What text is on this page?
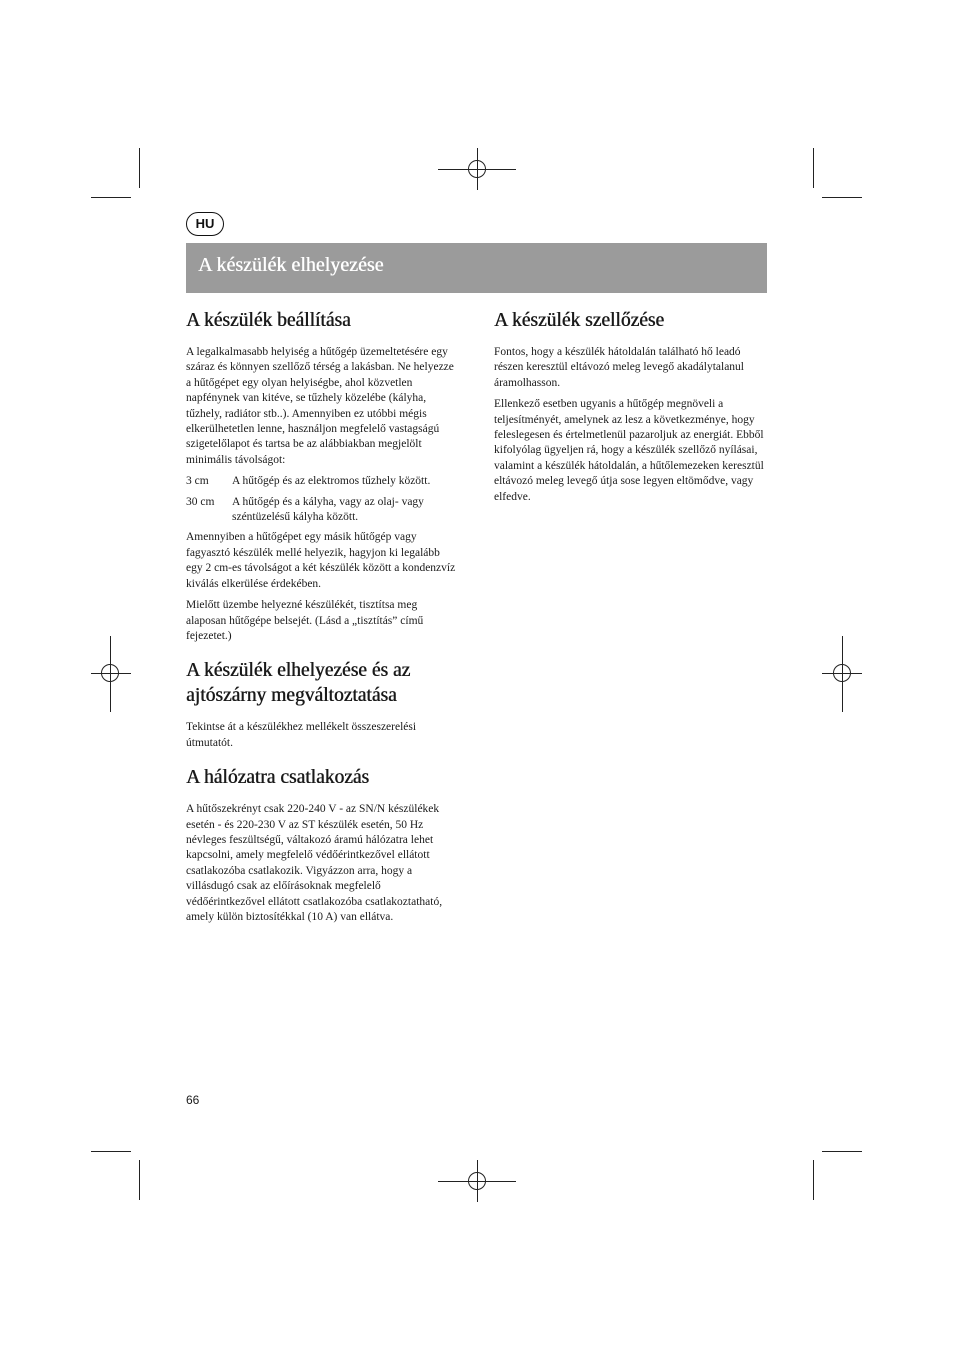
HU
A készülék elhelyezése
A készülék beállítása

A legalkalmasabb helyiség a hűtőgép üzemeltetésére egy száraz és könnyen szellőző térség a lakásban. Ne helyezze a hűtőgépet egy olyan helyiségbe, ahol közvetlen napfénynek van kitéve, se tűzhely közelébe (kályha, tűzhely, radiátor stb..). Amennyiben ez utóbbi mégis elkerülhetetlen lenne, használjon megfelelő vastagságú szigetelőlapot és tartsa be az alábbiakban megjelölt minimális távolságot:

3 cm	A hűtőgép és az elektromos tűzhely között.
30 cm	A hűtőgép és a kályha, vagy az olaj- vagy széntüzelésű kályha között.

Amennyiben a hűtőgépet egy másik hűtőgép vagy fagyasztó készülék mellé helyezik, hagyjon ki legalább egy 2 cm-es távolságot a két készülék között a kondenzvíz kiválás elkerülése érdekében.

Mielőtt üzembe helyezné készülékét, tisztítsa meg alaposan hűtőgépe belsejét. (Lásd a „tisztítás” című fejezetet.)

A készülék elhelyezése és az ajtószárny megváltoztatása

Tekintse át a készülékhez mellékelt összeszerelési útmutatót.

A hálózatra csatlakozás

A hűtőszekrényt csak 220-240 V - az SN/N készülékek esetén - és 220-230 V az ST készülék esetén, 50 Hz névleges feszültségű, váltakozó áramú hálózatra lehet kapcsolni, amely megfelelő védőérintkezővel ellátott csatlakozóba csatlakozik. Vigyázzon arra, hogy a villásdugó csak az előírásoknak megfelelő védőérintkezővel ellátott csatlakozóba csatlakoztatható, amely külön biztosítékkal (10 A) van ellátva.

A készülék szellőzése

Fontos, hogy a készülék hátoldalán található hő leadó részen keresztül eltávozó meleg levegő akadálytalanul áramolhasson.

Ellenkező esetben ugyanis a hűtőgép megnöveli a teljesítményét, amelynek az lesz a következménye, hogy feleslegesen és értelmetlenül pazaroljuk az energiát. Ebből kifolyólag ügyeljen rá, hogy a készülék szellőző nyílásai, valamint a készülék hátoldalán, a hűtőlemezeken keresztül eltávozó meleg levegő útja sose legyen eltömődve, vagy elfedve.

66
